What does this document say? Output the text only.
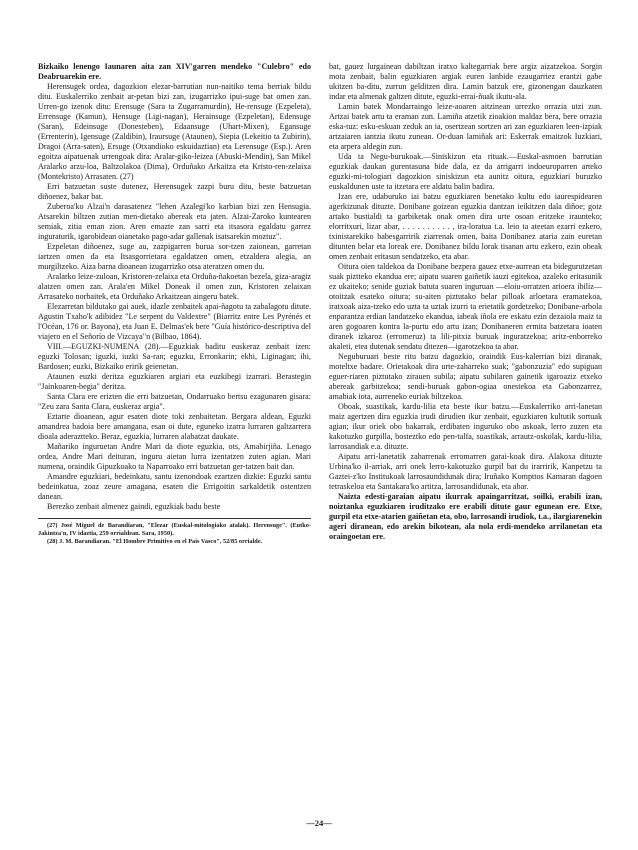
Bizkaiko lenengo Iaunaren aita zan XIV'garren mendeko "Culebro" edo Deabruarekin ere.

Herensugek ordea, dagozkion elezar-barrutian nun-naitiko tema berriak bildu ditu. Euskalerriko zenbait ar-petan bizi zan, izugarrizko ipui-suge bat omen zan. Urren-go izenok ditu: Erensuge (Sara ta Zugarramurdin), He-rensuge (Ezpeleta), Errensuge (Kamun), Hensuge (Ligi-nagan), Herainsuge (Ezpeletan), Edensuge (Saran), Edeinsuge (Donesteben), Edaansuge (Uhart-Mixen), Egansuge (Errenterin), Igensuge (Zaldibin), Iraursuge (Ataunen), Siepia (Lekeitio ta Zubirin), Dragoi (Arra-saten), Ersuge (Otxandioko eskuidaztian) eta Lerensuge (Esp.). Aren egoitza aipatuenak urrengoak dira: Aralar-giko-leizea (Abuski-Mendin), San Mikel Aralarko arzu-loa, Baltzolakoa (Dima), Orduñako Arkaitza eta Kristo-ren-zelaixa (Montekristo) Arrasaten. (27)

Erri batzuetan suste dutenez, Herensugek zazpi buru ditu, beste batzuetan diñoenez, bakar bat.

Zuberoa'ko Alzai'n darasatenez "lehen Azalegi'ko karbian bizi zen Hensugia. Atsarekin biltzen zutian men-dietako abereak eta jaten. Alzai-Zaroko kuntearen semiak, zitia eman zion. Aren emazte zan sarri eta itsasora egaldatu garrez inguraturik, igarobidean oianetako pago-adar gallenak isatsarekin moztuz".

Ezpeletan diñoenez, suge au, zazpigarren burua sor-tzen zaionean, garretan iartzen omen da eta Itsasgorrietara egaldatzen omen, etzaldera alegia, an murgiltzeko. Aiza barna dioanean izugarrizko otsa ateratzen omen du.

Aralarko leize-zuloan, Kristoren-zelaixa eta Orduña-ñakoetan bezela, giza-aragiz alatzen omen zan. Arala'en Mikel Doneak il omen zun, Kristoren zelaixan Arrasateko norbaitek, eta Orduñako Arkaitzean aingeru batek.

Elezarretan bildutako gai auek, idazle zenbaitek apai-ñagotu ta zabalagotu ditute. Agustin Txaho'k adibidez "Le serpent du Valdextre" (Biarritz entre Les Pyrénés et l'Océan, 176 or. Bayona), eta Juan E. Delmas'ek bere "Guía histórico-descriptiva del viajero en el Señorío de Vizcaya"n (Bilbao, 1864).

VIII.—EGUZKI-NUMENA (28).—Eguzkiak baditu euskeraz zenbait izen: eguzki Tolosan; iguzki, iuzki Sa-ran; eguzku, Erronkarin; ekhi, Liginagan; ihi, Bardosen; euzki, Bizkaiko eririk geienetan.

Ataunen euzki deritza eguzkiaren argiari eta euzkibegi izarrari. Berastegin "Jainkoaren-begia" deritza.

Santa Clara ere erizten die erri batzuetan, Ondarruako bertsu ezagunaren gisara: "Zeu zara Santa Clara, euskeraz argia".

Eztarte dioanean, agur esaten diote toki zenbaitetan. Bergara aldean, Eguzki amandrea badoia bere amangana, esan oi dute, eguneko izarra lurraren galtzarrera dioala aderaztteko. Beraz, eguzkia, lurraren alabatzat daukate.

Mañariko inguruetan Andre Mari da diote eguzkia, ots, Amabirjiña. Lenago ordea, Andre Mari deituran, inguru aietan lurra izentatzen zuten agian. Mari numena, oraindik Gipuzkoako ta Naparroako erri batzuetan ger-tatzen bait dan.

Amandre eguzkiari, bedeinkatu, santu izenondoak ezartzen dizkie: Eguzki santu bedeinkatua, zoaz zeure amagana, esaten die Errigoitin sarkaldetik ostentzen danean.

Berezko zenbait almenez gaindi, eguzkiak badu beste

(27) José Miguel de Barandiaran, "Elezar (Euskal-mitologiako atalak). Herensuge". (Eutko-Jakintza'n, IV idaztia, 259 orrialdean. Sara, 1950).

(28) J. M. Barandiaran. "El Hombre Primitivo en el País Vasco", 52/85 orrialde.

bat, gauez lurgainean dabiltzan iratxo kaltegarriak bere argiz aizatzekoa. Sorgin mota zenbait, balin eguzkiaren argiak euren lanbide ezaugarriez erantzi gabe ukitzen ba-ditu, zurrun gelditzen dira. Lamin batzuk ere, gizonengan dauzkaten indar eta almenak galtzen ditute, eguzki-errai-ñuak ikutu-ala.

Lamin batek Mondarraingo leize-aoaren aitzinean urrezko orrazia utzi zun. Artzai batek artu ta eraman zun. Lamiña atzetik zioakion maldaz bera, bere orrazia eska-tuz: esku-eskuan zeduk an ia, osertzean sortzen ari zan eguzkiaren leen-izpiak artzaiaren iantzia ikutu zunean. Or-duan lamiñak ari: Eskerrak emaitzok Iuzkiari, eta arpera aldegin zun.

Uda ta Negu-burukoak.—Siniskizun eta rituak.—Euskal-asmoen barrutian eguzkiak daukan gurentasuna bide dala, ez da arrigarri indoeuroparren arteko eguzki-mi-tologiari dagozkion siniskizun eta aunitz oitura, eguzkiari buruzko euskaldunen uste ta itzetara ere aldatu balin badira.

Izan ere, udaburuko iai batzu eguzkiaren benetako kultu edo iaurespidearen agerkizunak dituzte. Donibane goizean eguzkia dantzan ieikitzen dala diñoe; goiz artako bustialdi ta garbiketak onak omen dira urte osoan eritzeke iraunteko; elorritxuri, lizar abar, . . . . . . . . . . , ira-loratua t.a. leio ta ateetan ezarri ezkero, txinistarekiko babesgarririk ziarrenak omen, baita Donibanez ataria zain euretan ditunten belar eta loreak ere. Donibanez bildu lorak tisanan artu ezkero, ezin obeak omen zenbait eritasun sendatzeko, eta abar.

Oitura oien taldekoa da Donibane bezpera gauez etxe-aurrean eta bidegurutzetan suak piztteko ekandua ere; aipatu suaren gaiñetik iauzi egitekoa, azaleko eritasunik ez ukaiteko; senide guziak batuta suaren inguruan —eloiu-orratzen arioera ibiliz— otoitzak esateko oitura; su-aiten piztutako belar pilloak arloetara eramatekoa, iratxoak aiza-tzeko edo uzta ta uztak izurri ta erietatik gordetzeko; Donibane-arbola enparantza erdian landatzeko ekandua, iabeak iñola ere eskatu ezin dezaiola maiz ta aren gogoaren kontra la-purtu edo artu izan; Donibaneren ermita batzetara ioaten diranek izkaroz (erromeruz) ta lili-pitxiz buruak inguratzekoa; aritz-enborreko akaleti, etea dutenak sendatu ditezen—igarotzekoa ta abar.

Neguburuari beste ritu batzu dagozkio, oraindik Eus-kalerrian bizi diranak, moteltxe badare. Orietakoak dira urte-zaharreko suak; "gabonzuzia" edo supiguan eguer-riaren piztutako zirauen subila; aipatu subilaren gainetik igaroaziz etxeko abereak garbitzekoa; sendi-buruak gabon-ogiaa onestekoa eta Gabonzarrez, amabiak iota, aurreneko euriak biltzekoa.

Oboak, suastikak, kardu-lilia eta beste ikur batzu.—Euskalerriko arri-lanetan maiz agertzen dira eguzkia irudi dirudien ikur zenbait, eguzkiaren kultutik sortuak agian; ikur oriek obo bakarrak, erdibaten inguruko obo askoak, lerro zuzen eta kakotuzko gurpilla, bosteztko edo pen-talfa, suastikak, arrautz-oskolak, kardu-lilia, larrosandiak e.a. dituzte.

Aipatu arri-lanetatik zaharrenak erromarren garai-koak dira. Alakoxa dituzte Urbina'ko il-arriak, arri onek lerro-kakotuzko gurpil bat du irarririk, Kanpetzu ta Gaztei-z'ko Institukoak larrosaundidunak dira; Iruñako Kompttos Kamaran dagoen tetraskeloa eta Santakara'ko artitza, larrosandidunak, eta abar.

Naizta edesti-garaian aipatu ikurrak apaingarritzat, soilki, erabili izan, noiztanka eguzkiaren iruditzako ere erabili ditute gaur egunean ere. Etxe, gurpil eta etxe-atarien gaiñetan eta, obo, larrosandi irudiok, t.a., ilargiarenekin ageri diranean, edo arekin bikotean, ala nola erdi-mendeko arrilanetan eta oraingoetan ere.

—24—
